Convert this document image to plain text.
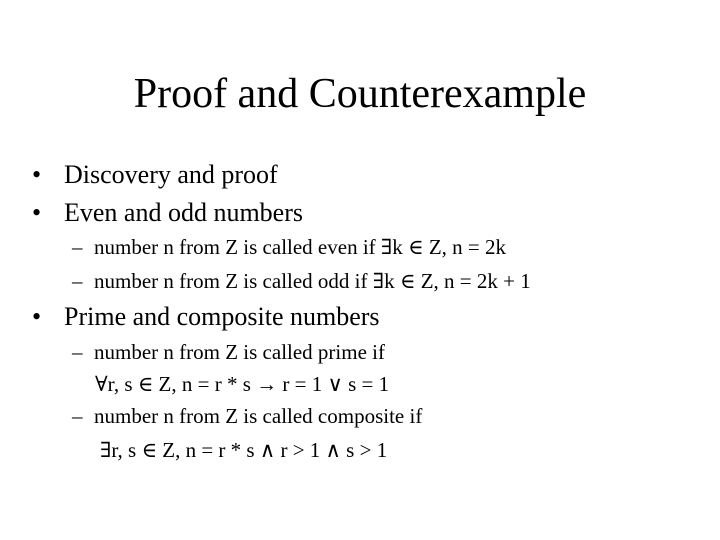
Proof and Counterexample
• Discovery and proof
• Even and odd numbers
– number n from Z is called even if ∃k ∈ Z, n = 2k
– number n from Z is called odd if ∃k ∈ Z, n = 2k + 1
• Prime and composite numbers
– number n from Z is called prime if
∀r, s ∈ Z, n = r * s → r = 1 ∨ s = 1
– number n from Z is called composite if
∃r, s ∈ Z, n = r * s ∧ r > 1 ∧ s > 1
